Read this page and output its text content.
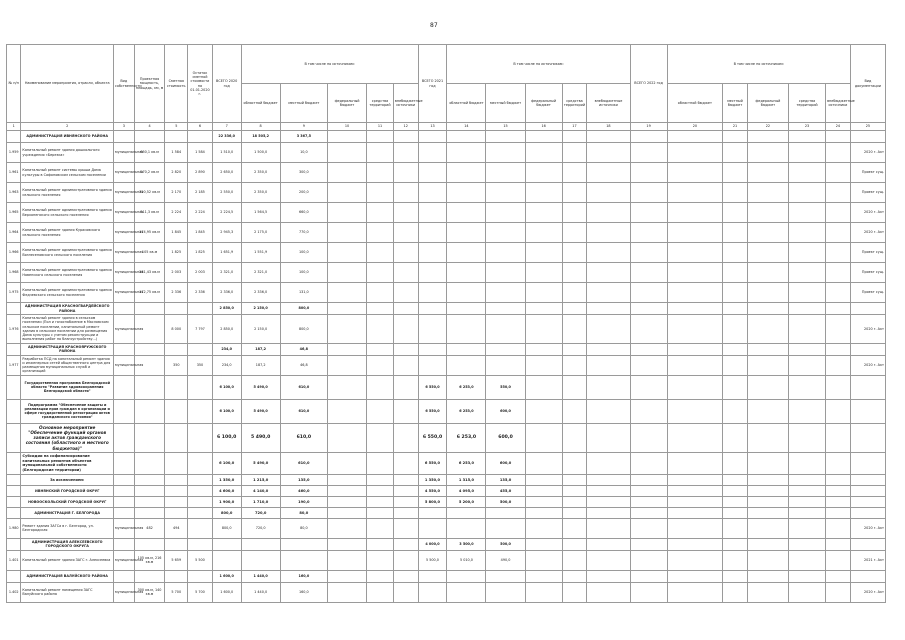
87
№ п/п	Наименование мероприятия, отрасли, объекта	Вид собственности	Проектная мощность, площадь, км, м	Сметная стоимость	Остаток сметной стоимости на 01.01.2020 г.	ВСЕГО 2020 год	В том числе по источникам:					ВСЕГО 2021 год	В том числе по источникам:					ВСЕГО 2022 год	В том числе по источникам:					Вид документации
							областной бюджет	местный бюджет	федеральный бюджет	средства территорий	внебюджетные источники		областной бюджет	местный бюджет	федеральный бюджет	средства территорий	внебюджетные источники		областной бюджет	местный бюджет	федеральный бюджет	средства территорий	внебюджетные источники	
1	2	3	4	5	6	7	8	9	10	11	12	13	14	15	16	17	18	19	20	21	22	23	24	25
	АДМИНИСТРАЦИЯ ИВНЯНСКОГО РАЙОНА					22 336,0	18 505,2	3 367,5																
1.959	Капитальный ремонт здания дошкольного учреждения «Березка»	муниципальная	650,1 кв.м	1 584	1 584	1 510,0	1 500,0	10,0																2020 г. Акт
1.961	Капитальный ремонт системы крыши Дома культуры в Сафоновском сельском поселении	муниципальная	270,2 кв.м	2 820	2 890	2 650,0	2 350,0	300,0																Проект сущ.
1.963	Капитальный ремонт административного здания сельского поселения	муниципальная	320,52 кв.м	2 170	2 185	2 550,0	2 350,0	200,0																Проект сущ.
1.965	Капитальный ремонт административного здания Верхопенского сельского поселения	муниципальная	311,3 кв.м	2 224	2 224	2 224,5	1 564,5	660,0																2020 г. Акт
1.964	Капитальный ремонт здания Курасовского сельского поселения	муниципальная	174,95 кв.м	1 845	1 845	2 945,3	2 175,0	770,0																2020 г. Акт
1.966	Капитальный ремонт административного здания Вознесеновского сельского поселения	муниципальная	105 кв.м	1 825	1 825	1 651,9	1 551,9	100,0																Проект сущ.
1.968	Капитальный ремонт административного здания Новенского сельского поселения	муниципальная	281,43 кв.м	2 003	2 003	2 321,0	2 321,0	100,0																Проект сущ.
1.975	Капитальный ремонт административного здания Федчевского сельского поселения	муниципальная	172,75 кв.м	2 336	2 336	2 336,0	2 336,0	131,0																Проект сущ.
	АДМИНИСТРАЦИЯ КРАСНОГВАРДЕЙСКОГО РАЙОНА					2 850,0	2 150,0	800,0																
1.976	Капитальный ремонт здания в сельском поселении (Пол и газоснабжение в Масловском сельском поселении, капитальный ремонт здания в сельском поселении для размещения Дома культуры с учетом реконструкции и выполнения работ по благоустройству...)	муниципальная		8 000	7 797	2 850,0	2 150,0	800,0																2020 г. Акт
	АДМИНИСТРАЦИЯ КРАСНОЯРУЖСКОГО РАЙОНА					234,0	187,2	46,8																
1.977	Разработка ПСД на капитальный ремонт здания и инженерных сетей общественного центра для размещения муниципальных служб и организаций	муниципальная		350	350	234,0	187,2	46,8																2020 г. Акт
	Государственная программа Белгородской области "Развитие здравоохранения Белгородской области"					6 100,0	5 490,0	610,0				6 550,0	6 253,0	550,0										
	Подпрограмма "Обеспечение защиты и реализации прав граждан в организации и сфере государственной регистрации актов гражданского состояния"					6 100,0	5 490,0	610,0				6 550,0	6 253,0	600,0										
	Основное мероприятие "Обеспечение функций органов записи актов гражданского состояния (областного и местного бюджетов)"					6 100,0	5 490,0	610,0				6 550,0	6 253,0	600,0										
	Субсидии на софинансирование капитальных ремонтов объектов муниципальной собственности (Белгородские территории)					6 100,0	5 490,0	610,0				6 550,0	6 253,0	600,0										
	За исключением:					1 350,0	1 215,0	135,0				1 350,0	1 315,0	135,0										
	ИВНЯНСКИЙ ГОРОДСКОЙ ОКРУГ					4 600,0	4 140,0	460,0				4 550,0	4 095,0	455,0										
	НОВООСКОЛЬСКИЙ ГОРОДСКОЙ ОКРУГ					1 900,0	1 710,0	190,0				5 800,0	5 200,0	500,0										
	АДМИНИСТРАЦИЯ Г. БЕЛГОРОДА					800,0	720,0	80,0																
1.980	Ремонт здания ЗАГСа в г. Белгород, ул. Белгородская	муниципальная	482	494		800,0	720,0	80,0																2020 г. Акт
	АДМИНИСТРАЦИЯ АЛЕКСЕЕВСКОГО ГОРОДСКОГО ОКРУГА											4 000,0	3 500,0	500,0										
1.401	Капитальный ремонт здания ЗАГС г. Алексеевка	муниципальная	105 кв.м, 216 кв.м	5 659	5 500							5 500,0	5 010,0	490,0										2021 г. Акт
	АДМИНИСТРАЦИЯ ВАЛУЙСКОГО РАЙОНА					1 600,0	1 440,0	160,0																
1.402	Капитальный ремонт помещения ЗАГС Валуйского района	муниципальная	300 кв.м, 140 кв.м	5 700	5 700	1 600,0	1 440,0	160,0																2020 г. Акт
